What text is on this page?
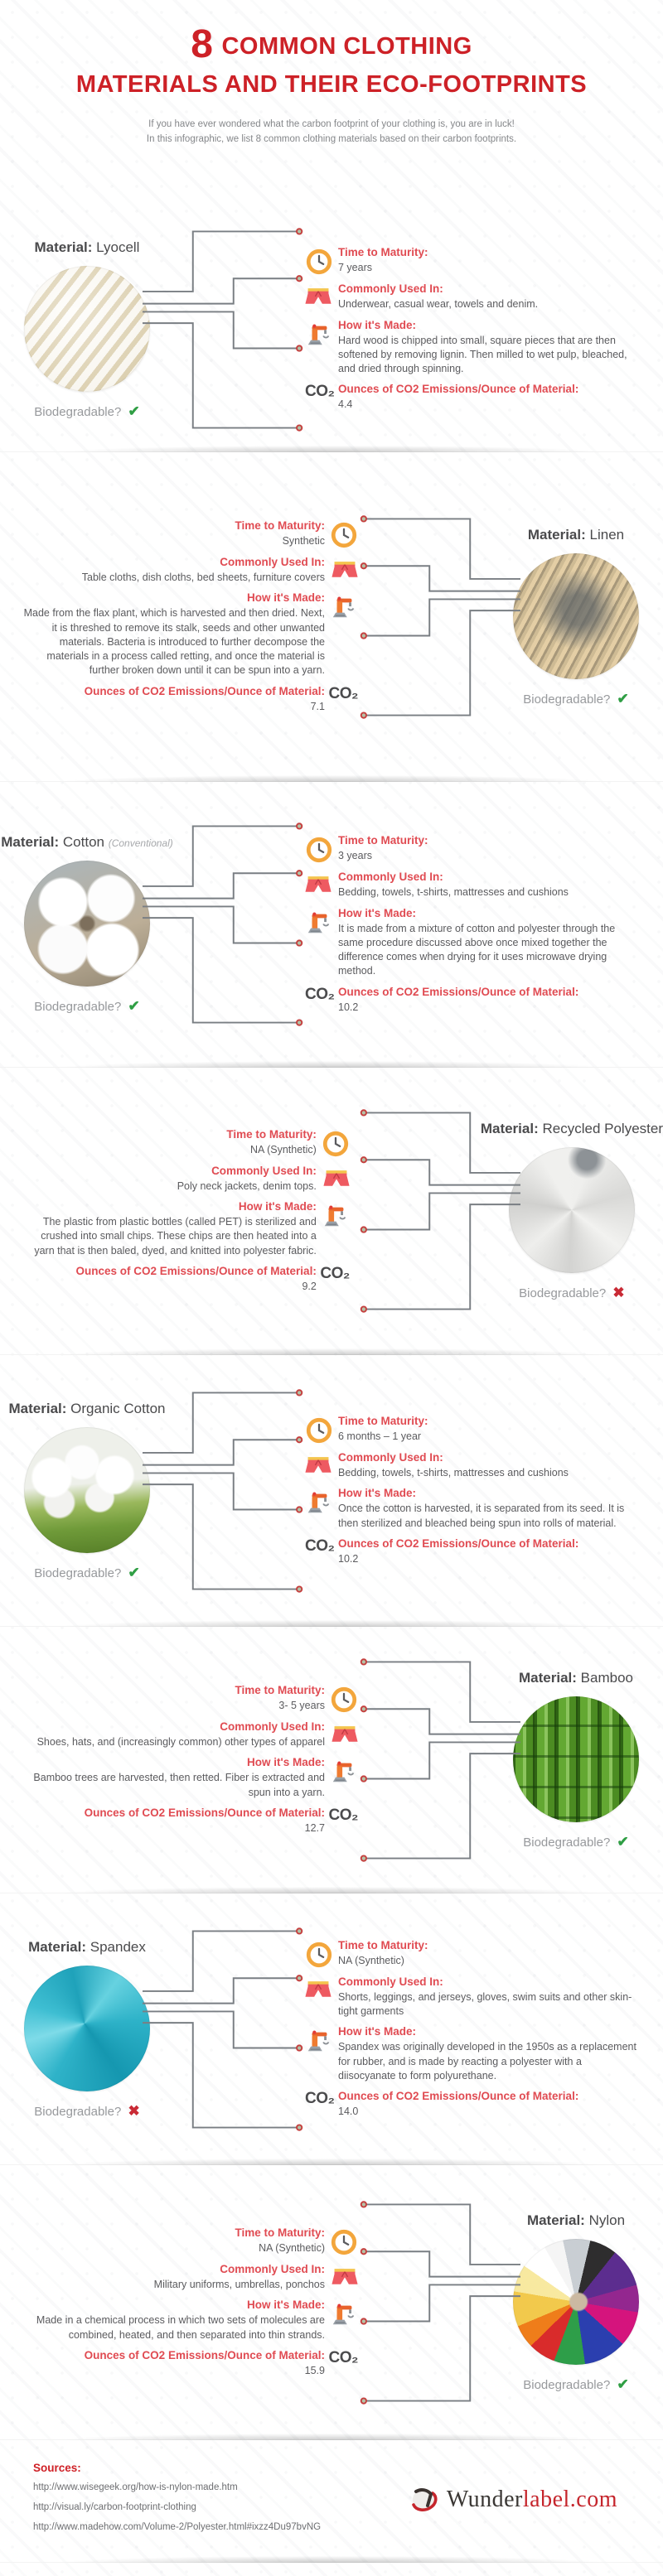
8 COMMON CLOTHING
MATERIALS AND THEIR ECO-FOOTPRINTS
If you have ever wondered what the carbon footprint of your clothing is, you are in luck!
In this infographic, we list 8 common clothing materials based on their carbon footprints.
Material: Lyocell
Biodegradable? ✔
Time to Maturity:
7 years
Commonly Used In:
Underwear, casual wear, towels and denim.
How it's Made:
Hard wood is chipped into small, square pieces that are then softened by removing lignin. Then milled to wet pulp, bleached, and dried through spinning.
CO₂ Ounces of CO2 Emissions/Ounce of Material:
4.4
Material: Linen
Biodegradable? ✔
Time to Maturity:
Synthetic
Commonly Used In:
Table cloths, dish cloths, bed sheets, furniture covers
How it's Made:
Made from the flax plant, which is harvested and then dried. Next, it is threshed to remove its stalk, seeds and other unwanted materials. Bacteria is introduced to further decompose the materials in a process called retting, and once the material is further broken down until it can be spun into a yarn.
CO₂
Ounces of CO2 Emissions/Ounce of Material:
7.1
Material: Cotton (Conventional)
Biodegradable? ✔
Time to Maturity:
3 years
Commonly Used In:
Bedding, towels, t-shirts, mattresses and cushions
How it's Made:
It is made from a mixture of cotton and polyester through the same procedure discussed above once mixed together the difference comes when drying for it uses microwave drying method.
CO₂ Ounces of CO2 Emissions/Ounce of Material:
10.2
Material: Recycled Polyester
Biodegradable? ✖
Time to Maturity:
NA (Synthetic)
Commonly Used In:
Poly neck jackets, denim tops.
How it's Made:
The plastic from plastic bottles (called PET) is sterilized and crushed into small chips. These chips are then heated into a yarn that is then baled, dyed, and knitted into polyester fabric.
CO₂
Ounces of CO2 Emissions/Ounce of Material:
9.2
Material: Organic Cotton
Biodegradable? ✔
Time to Maturity:
6 months – 1 year
Commonly Used In:
Bedding, towels, t-shirts, mattresses and cushions
How it's Made:
Once the cotton is harvested, it is separated from its seed. It is then sterilized and bleached being spun into rolls of material.
CO₂ Ounces of CO2 Emissions/Ounce of Material:
10.2
Material: Bamboo
Biodegradable? ✔
Time to Maturity:
3- 5 years
Commonly Used In:
Shoes, hats, and (increasingly common) other types of apparel
How it's Made:
Bamboo trees are harvested, then retted. Fiber is extracted and spun into a yarn.
CO₂
Ounces of CO2 Emissions/Ounce of Material:
12.7
Material: Spandex
Biodegradable? ✖
Time to Maturity:
NA (Synthetic)
Commonly Used In:
Shorts, leggings, and jerseys, gloves, swim suits and other skin-tight garments
How it's Made:
Spandex was originally developed in the 1950s as a replacement for rubber, and is made by reacting a polyester with a diisocyanate to form polyurethane.
CO₂ Ounces of CO2 Emissions/Ounce of Material:
14.0
Material: Nylon
Biodegradable? ✔
Time to Maturity:
NA (Synthetic)
Commonly Used In:
Military uniforms, umbrellas, ponchos
How it's Made:
Made in a chemical process in which two sets of molecules are combined, heated, and then separated into thin strands.
CO₂
Ounces of CO2 Emissions/Ounce of Material:
15.9
Sources:
http://www.wisegeek.org/how-is-nylon-made.htm
http://visual.ly/carbon-footprint-clothing
http://www.madehow.com/Volume-2/Polyester.html#ixzz4Du97bvNG
Wunderlabel.com
